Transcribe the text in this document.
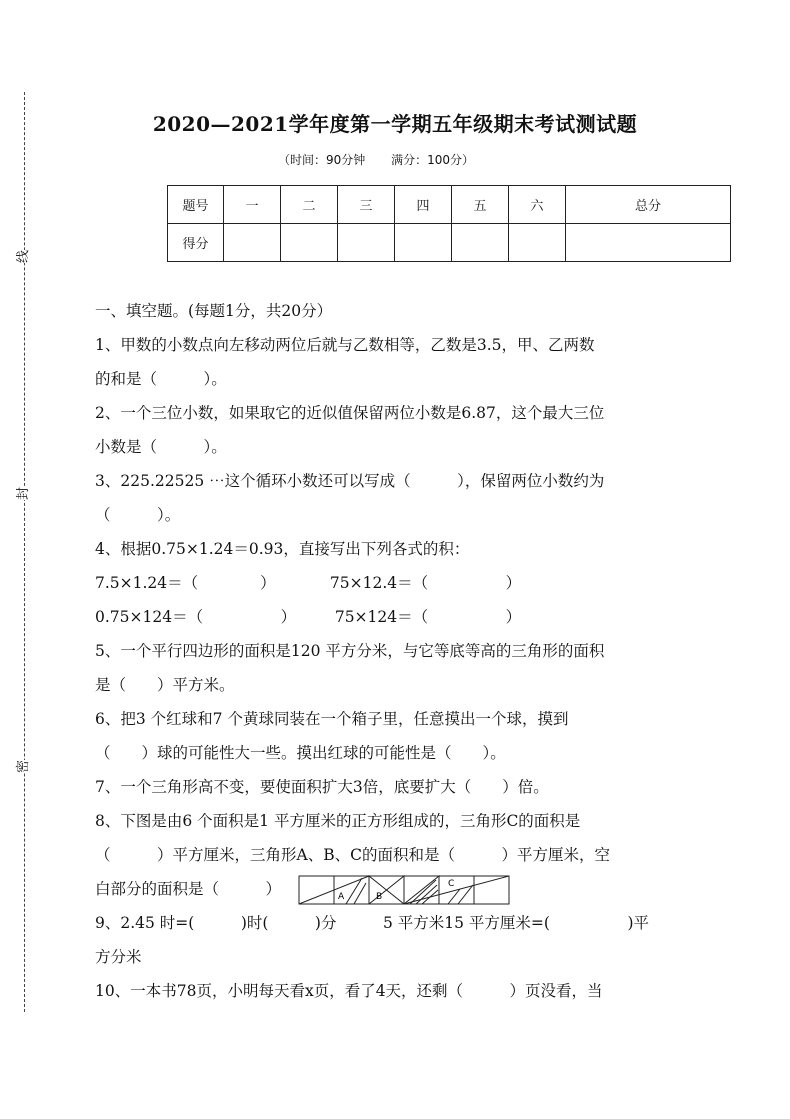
线
封
密
2020—2021学年度第一学期五年级期末考试测试题
（时间：90分钟 满分：100分）
题号	一	二	三	四	五	六	总分
得分							
一、填空题。(每题1分，共20分）
1、甲数的小数点向左移动两位后就与乙数相等，乙数是3.5，甲、乙两数
的和是（　　　）。
2、一个三位小数，如果取它的近似值保留两位小数是6.87，这个最大三位
小数是（　　　）。
3、225.22525 ⋯这个循环小数还可以写成（　　　），保留两位小数约为
（　　　）。
4、根据0.75×1.24＝0.93，直接写出下列各式的积：
7.5×1.24＝（　　　　）　　　　75×12.4＝（　　　　　）
0.75×124＝（　　　　　）　　　75×124＝（　　　　　）
5、一个平行四边形的面积是120 平方分米，与它等底等高的三角形的面积
是（　　）平方米。
6、把3 个红球和7 个黄球同装在一个箱子里，任意摸出一个球，摸到
（　　）球的可能性大一些。摸出红球的可能性是（　　）。
7、一个三角形高不变，要使面积扩大3倍，底要扩大（　　）倍。
8、下图是由6 个面积是1 平方厘米的正方形组成的，三角形C的面积是
（　　　）平方厘米，三角形A、B、C的面积和是（　　　）平方厘米，空
白部分的面积是（　　　）	A	B
C
9、2.45 时=(　　　)时(　　　)分　　　5 平方米15 平方厘米=(　　　　　)平
方分米
10、一本书78页，小明每天看x页，看了4天，还剩（　　　）页没看，当
